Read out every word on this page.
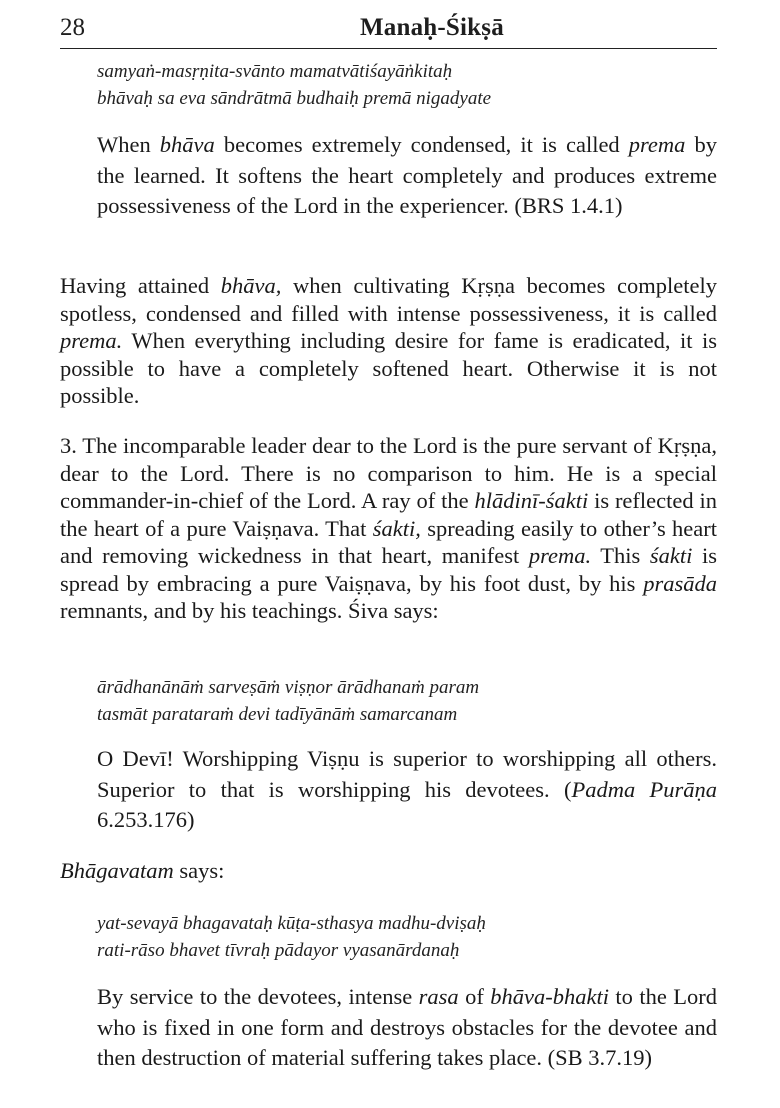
28	Manaḥ-Śikṣā
samyaṅ-masṛṇita-svānto mamatvātiśayāṅkitaḥ
bhāvaḥ sa eva sāndrātmā budhaiḥ premā nigadyate

When bhāva becomes extremely condensed, it is called prema by the learned. It softens the heart completely and produces extreme possessiveness of the Lord in the experiencer. (BRS 1.4.1)

Having attained bhāva, when cultivating Kṛṣṇa becomes completely spotless, condensed and filled with intense possessiveness, it is called prema. When everything including desire for fame is eradicated, it is possible to have a completely softened heart. Otherwise it is not possible.

3. The incomparable leader dear to the Lord is the pure servant of Kṛṣṇa, dear to the Lord. There is no comparison to him. He is a special commander-in-chief of the Lord. A ray of the hlādinī-śakti is reflected in the heart of a pure Vaiṣṇava. That śakti, spreading easily to other’s heart and removing wickedness in that heart, manifest prema. This śakti is spread by embracing a pure Vaiṣṇava, by his foot dust, by his prasāda remnants, and by his teachings. Śiva says:

ārādhanānāṁ sarveṣāṁ viṣṇor ārādhanaṁ param
tasmāt parataraṁ devi tadīyānāṁ samarcanam

O Devī! Worshipping Viṣṇu is superior to worshipping all others. Superior to that is worshipping his devotees. (Padma Purāṇa 6.253.176)

Bhāgavatam says:

yat-sevayā bhagavataḥ kūṭa-sthasya madhu-dviṣaḥ
rati-rāso bhavet tīvraḥ pādayor vyasanārdanaḥ

By service to the devotees, intense rasa of bhāva-bhakti to the Lord who is fixed in one form and destroys obstacles for the devotee and then destruction of material suffering takes place. (SB 3.7.19)
